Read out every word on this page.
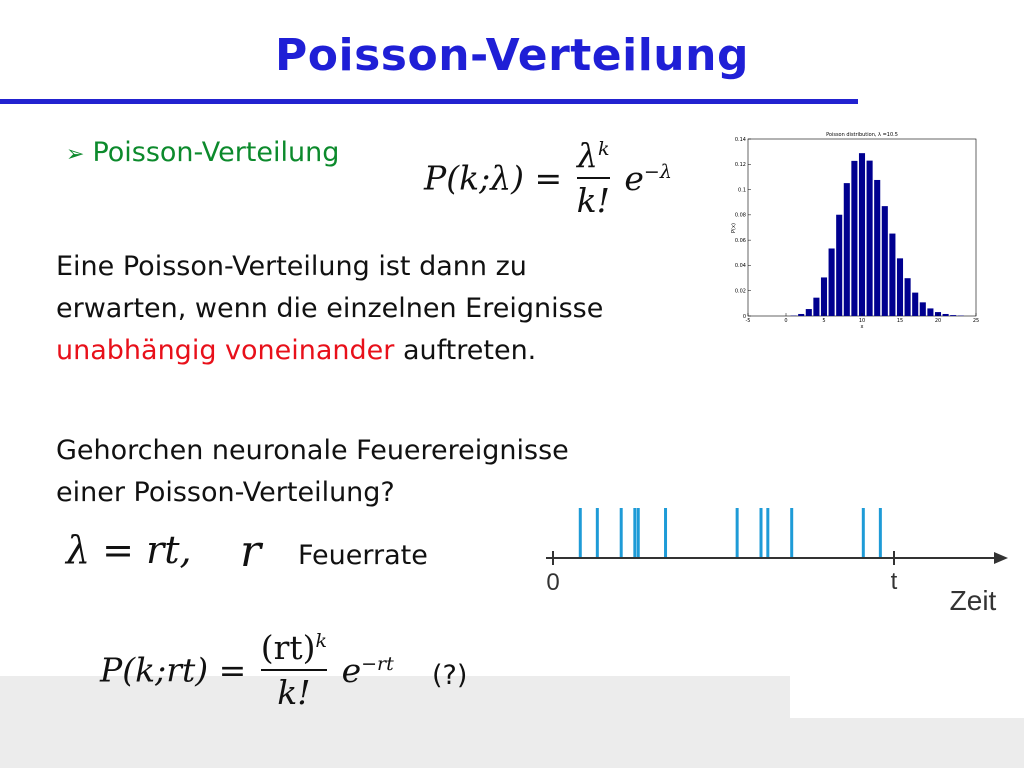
Poisson-Verteilung
➢ Poisson-Verteilung
P(k;λ) = $\frac{\lambda^k}{k!} e^{-\lambda}$
Poisson distribution, λ =10.5
0
0.02
0.04
0.06
0.08
0.1
0.12
0.14
-5	0	5	10	15	20	25
P(x)
x
Eine Poisson-Verteilung ist dann zu
erwarten, wenn die einzelnen Ereignisse
unabhängig voneinander auftreten.
Gehorchen neuronale Feuerereignisse
einer Poisson-Verteilung?
λ = rt, r Feuerrate
0	t
Zeit
P(k;rt) = $\frac{(rt)^k}{k!} e^{-rt}$ (?)
